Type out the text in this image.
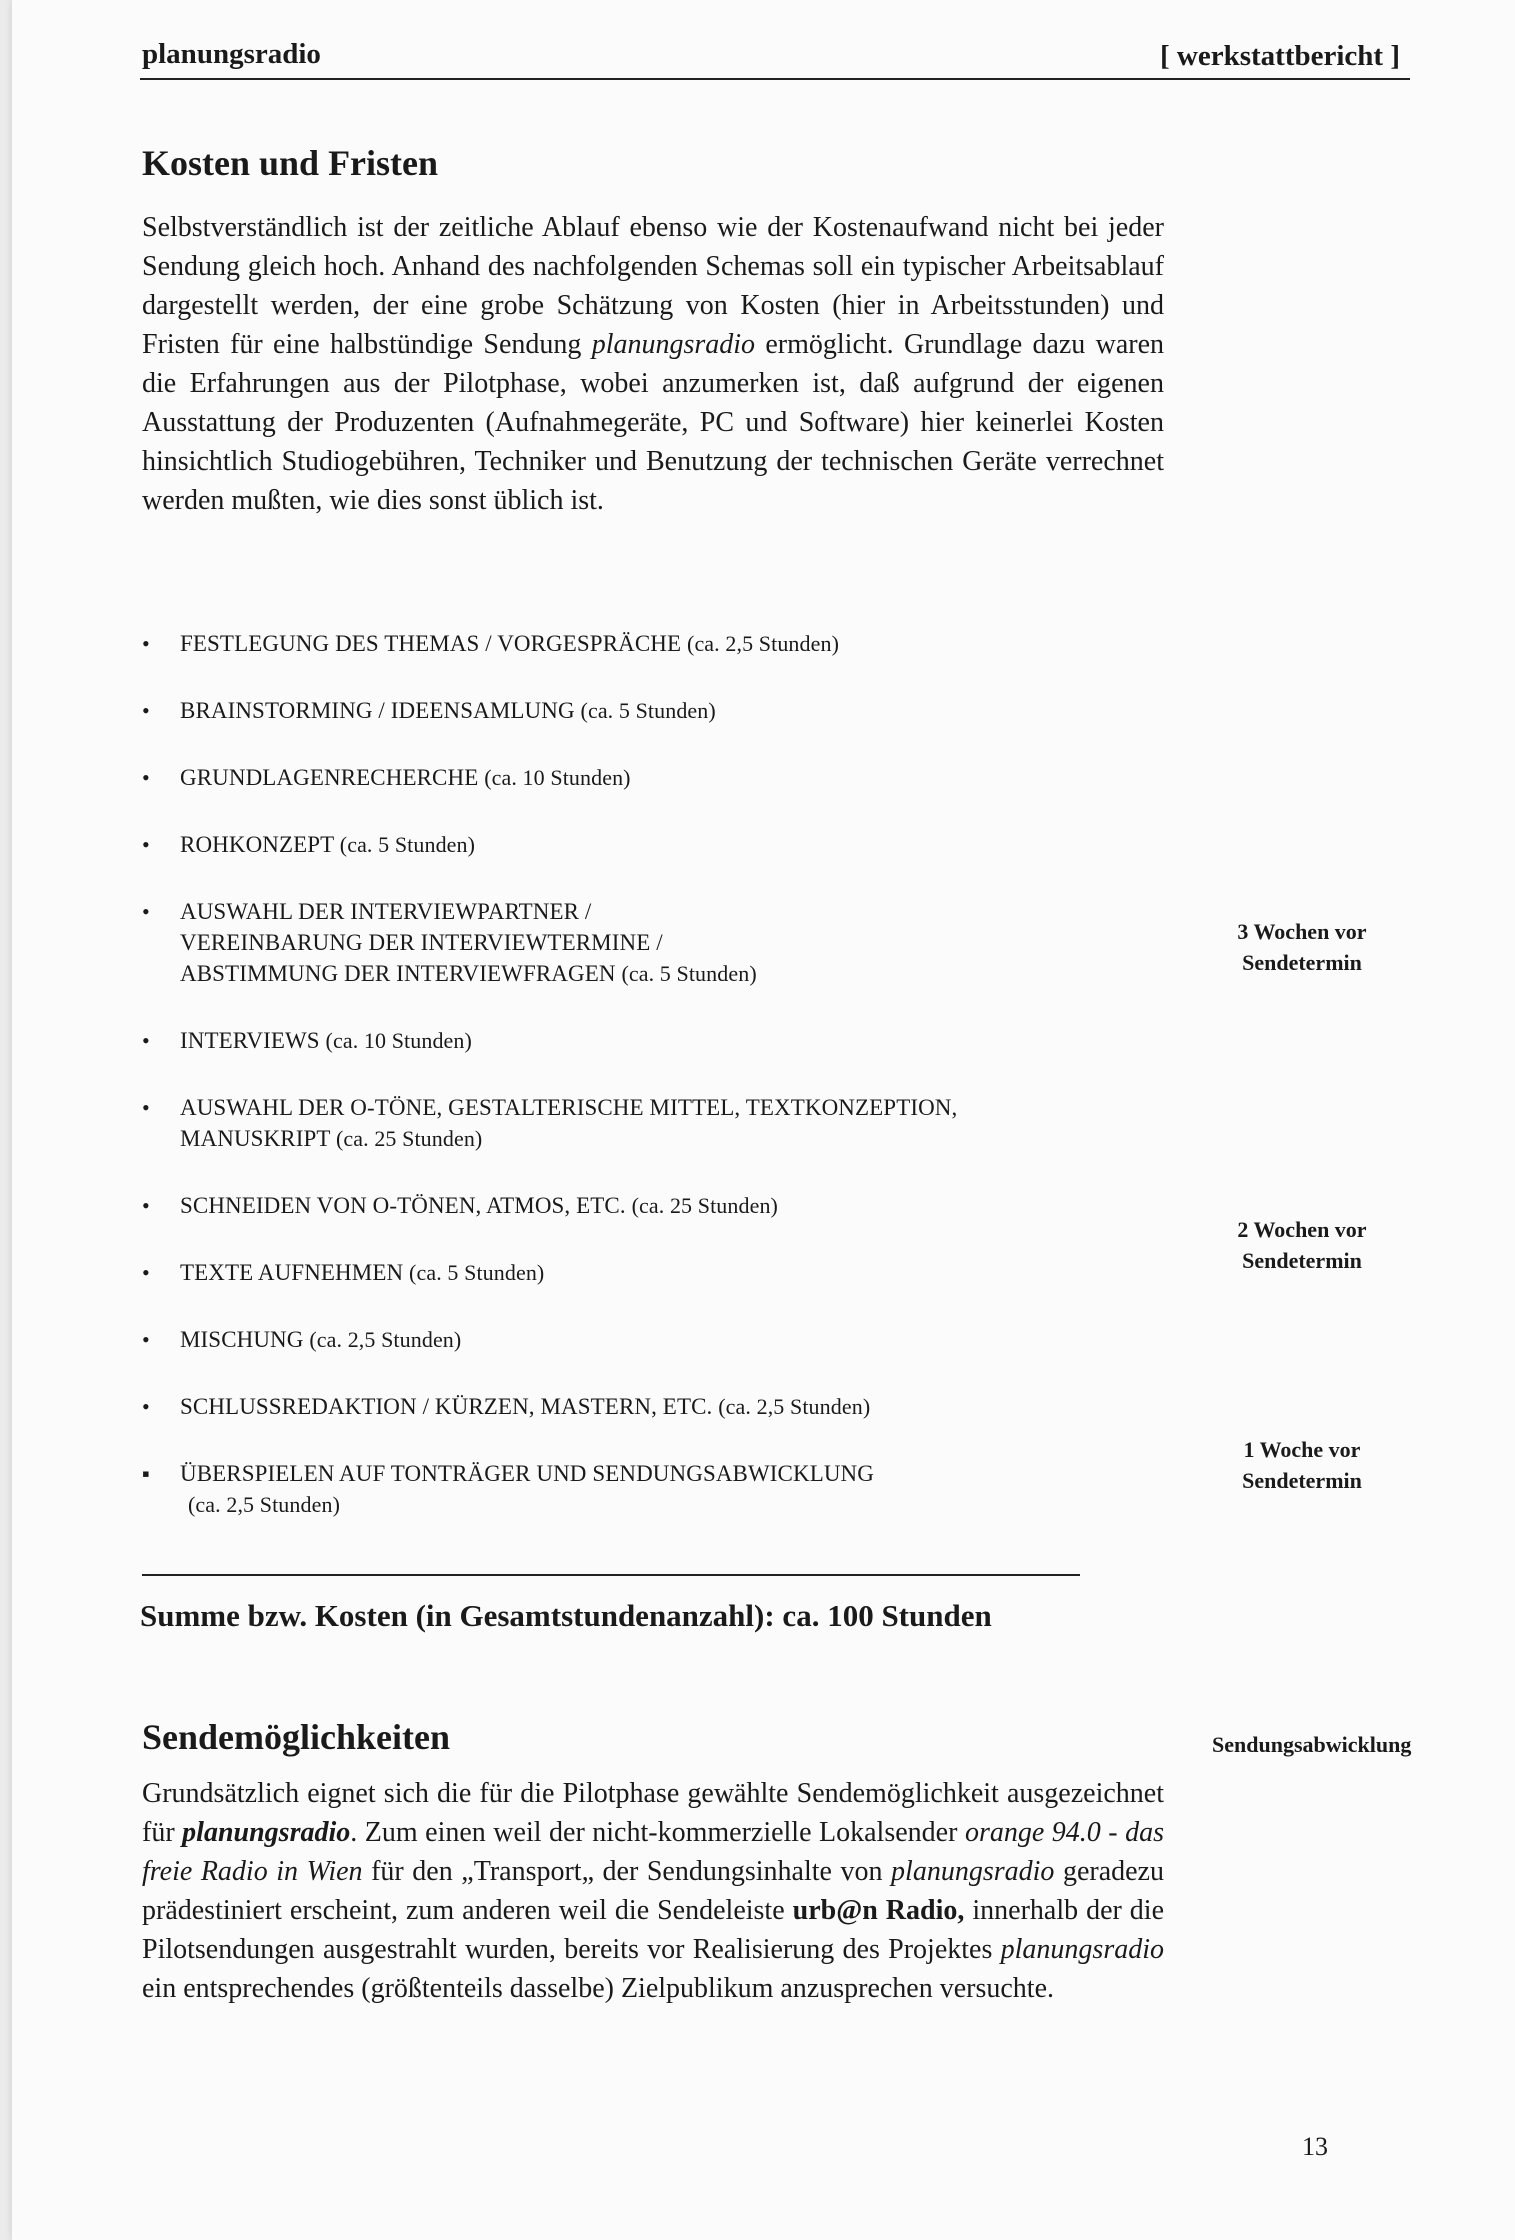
planungsradio	[ werkstattbericht ]
Kosten und Fristen
Selbstverständlich ist der zeitliche Ablauf ebenso wie der Kostenaufwand nicht bei jeder Sendung gleich hoch. Anhand des nachfolgenden Schemas soll ein typischer Arbeitsablauf dargestellt werden, der eine grobe Schätzung von Kosten (hier in Arbeitsstunden) und Fristen für eine halbstündige Sendung planungsradio ermöglicht. Grundlage dazu waren die Erfahrungen aus der Pilotphase, wobei anzumerken ist, daß aufgrund der eigenen Ausstattung der Produzenten (Aufnahmegeräte, PC und Software) hier keinerlei Kosten hinsichtlich Studiogebühren, Techniker und Benutzung der technischen Geräte verrechnet werden mußten, wie dies sonst üblich ist.
• FESTLEGUNG DES THEMAS / VORGESPRÄCHE (ca. 2,5 Stunden)
• BRAINSTORMING / IDEENSAMLUNG (ca. 5 Stunden)
• GRUNDLAGENRECHERCHE (ca. 10 Stunden)
• ROHKONZEPT (ca. 5 Stunden)
• AUSWAHL DER INTERVIEWPARTNER /
VEREINBARUNG DER INTERVIEWTERMINE /
ABSTIMMUNG DER INTERVIEWFRAGEN (ca. 5 Stunden)
• INTERVIEWS (ca. 10 Stunden)
• AUSWAHL DER O-TÖNE, GESTALTERISCHE MITTEL, TEXTKONZEPTION,
MANUSKRIPT (ca. 25 Stunden)
• SCHNEIDEN VON O-TÖNEN, ATMOS, ETC. (ca. 25 Stunden)
• TEXTE AUFNEHMEN (ca. 5 Stunden)
• MISCHUNG (ca. 2,5 Stunden)
• SCHLUSSREDAKTION / KÜRZEN, MASTERN, ETC. (ca. 2,5 Stunden)
▪ ÜBERSPIELEN AUF TONTRÄGER UND SENDUNGSABWICKLUNG
(ca. 2,5 Stunden)
3 Wochen vor
Sendetermin
2 Wochen vor
Sendetermin
1 Woche vor
Sendetermin
Summe bzw. Kosten (in Gesamtstundenanzahl): ca. 100 Stunden
Sendemöglichkeiten	Sendungsabwicklung
Grundsätzlich eignet sich die für die Pilotphase gewählte Sendemöglichkeit ausgezeichnet für planungsradio. Zum einen weil der nicht-kommerzielle Lokalsender orange 94.0 - das freie Radio in Wien für den „Transport„ der Sendungsinhalte von planungsradio geradezu prädestiniert erscheint, zum anderen weil die Sendeleiste urb@n Radio, innerhalb der die Pilotsendungen ausgestrahlt wurden, bereits vor Realisierung des Projektes planungsradio ein entsprechendes (größtenteils dasselbe) Zielpublikum anzusprechen versuchte.
13
